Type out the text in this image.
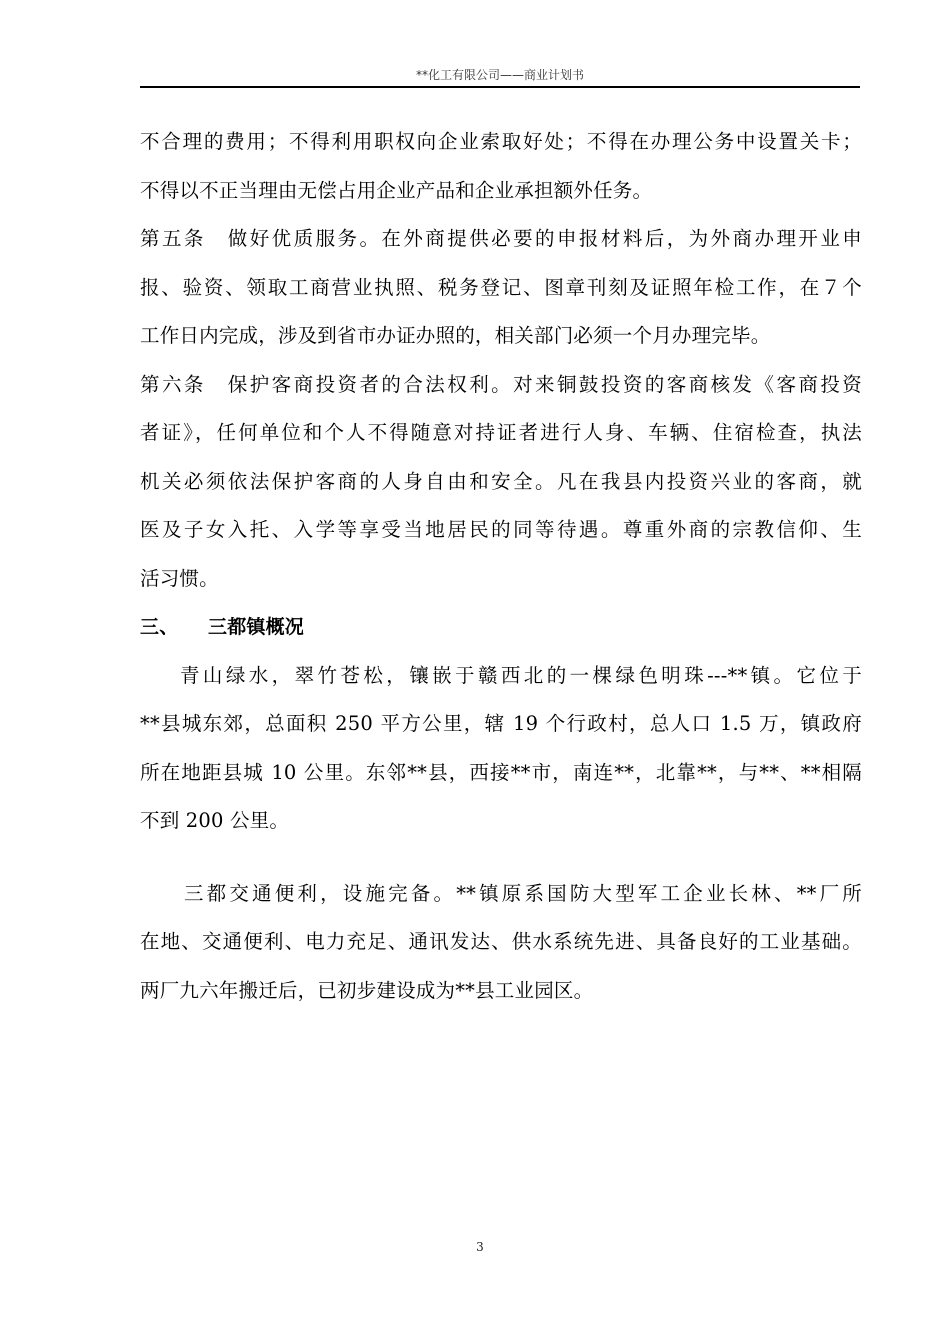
**化工有限公司——商业计划书
不合理的费用；不得利用职权向企业索取好处；不得在办理公务中设置关卡；
不得以不正当理由无偿占用企业产品和企业承担额外任务。
第五条　做好优质服务。在外商提供必要的申报材料后，为外商办理开业申
报、验资、领取工商营业执照、税务登记、图章刊刻及证照年检工作，在７个
工作日内完成，涉及到省市办证办照的，相关部门必须一个月办理完毕。
第六条　保护客商投资者的合法权利。对来铜鼓投资的客商核发《客商投资
者证》，任何单位和个人不得随意对持证者进行人身、车辆、住宿检查，执法
机关必须依法保护客商的人身自由和安全。凡在我县内投资兴业的客商，就
医及子女入托、入学等享受当地居民的同等待遇。尊重外商的宗教信仰、生
活习惯。
三、 三都镇概况
青山绿水，翠竹苍松，镶嵌于赣西北的一棵绿色明珠---**镇。它位于
**县城东郊，总面积 250 平方公里，辖 19 个行政村，总人口 1.5 万，镇政府
所在地距县城 10 公里。东邻**县，西接**市，南连**，北靠**，与**、**相隔
不到 200 公里。
三都交通便利，设施完备。**镇原系国防大型军工企业长林、**厂所
在地、交通便利、电力充足、通讯发达、供水系统先进、具备良好的工业基础。
两厂九六年搬迁后，已初步建设成为**县工业园区。
3
